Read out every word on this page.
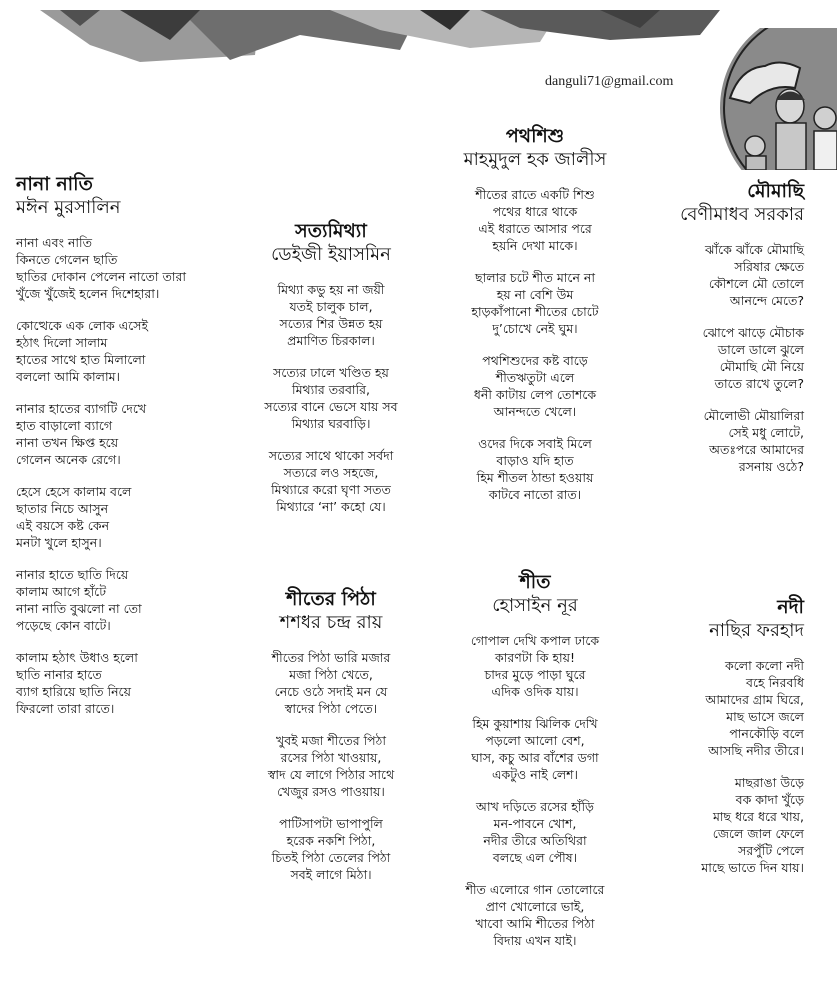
danguli71@gmail.com
নানা নাতি
মঈন মুরসালিন
নানা এবং নাতি
কিনতে গেলেন ছাতি
ছাতির দোকান পেলেন নাতো তারা
খুঁজে খুঁজেই হলেন দিশেহারা।
কোত্থেকে এক লোক এসেই
হঠাৎ দিলো সালাম
হাতের সাথে হাত মিলালো
বললো আমি কালাম।
নানার হাতের ব্যাগটি দেখে
হাত বাড়ালো ব্যাগে
নানা তখন ক্ষিপ্ত হয়ে
গেলেন অনেক রেগে।
হেসে হেসে কালাম বলে
ছাতার নিচে আসুন
এই বয়সে কষ্ট কেন
মনটা খুলে হাসুন।
নানার হাতে ছাতি দিয়ে
কালাম আগে হাঁটে
নানা নাতি বুঝলো না তো
পড়েছে কোন বাটে।
কালাম হঠাৎ উধাও হলো
ছাতি নানার হাতে
ব্যাগ হারিয়ে ছাতি নিয়ে
ফিরলো তারা রাতে।
সত্যমিথ্যা
ডেইজী ইয়াসমিন
মিথ্যা কভু হয় না জয়ী
যতই চালুক চাল,
সত্যের শির উন্নত হয়
প্রমাণিত চিরকাল।
সত্যের ঢালে খণ্ডিত হয়
মিথ্যার তরবারি,
সত্যের বানে ভেসে যায় সব
মিথ্যার ঘরবাড়ি।
সত্যের সাথে থাকো সর্বদা
সত্যরে লও সহজে,
মিথ্যারে করো ঘৃণা সতত
মিথ্যারে ‘না’ কহো যে।
শীতের পিঠা
শশধর চন্দ্র রায়
শীতের পিঠা ভারি মজার
মজা পিঠা খেতে,
নেচে ওঠে সদাই মন যে
স্বাদের পিঠা পেতে।
খুবই মজা শীতের পিঠা
রসের পিঠা খাওয়ায়,
স্বাদ যে লাগে পিঠার সাথে
খেজুর রসও পাওয়ায়।
পাটিসাপটা ভাপাপুলি
হরেক নকশি পিঠা,
চিতই পিঠা তেলের পিঠা
সবই লাগে মিঠা।
পথশিশু
মাহমুদুল হক জালীস
শীতের রাতে একটি শিশু
পথের ধারে থাকে
এই ধরাতে আসার পরে
হয়নি দেখা মাকে।
ছালার চটে শীত মানে না
হয় না বেশি উম
হাড়কাঁপানো শীতের চোটে
দু’চোখে নেই ঘুম।
পথশিশুদের কষ্ট বাড়ে
শীতঋতুটা এলে
ধনী কাটায় লেপ তোশকে
আনন্দতে খেলে।
ওদের দিকে সবাই মিলে
বাড়াও যদি হাত
হিম শীতল ঠান্ডা হওয়ায়
কাটবে নাতো রাত।
শীত
হোসাইন নূর
গোপাল দেখি কপাল ঢাকে
কারণটা কি হায়!
চাদর মুড়ে পাড়া ঘুরে
এদিক ওদিক যায়।
হিম কুয়াশায় ঝিলিক দেখি
পড়লো আলো বেশ,
ঘাস, কচু আর বাঁশের ডগা
একটুও নাই লেশ।
আখ দড়িতে রসের হাঁড়ি
মন-পাবনে খোশ,
নদীর তীরে অতিথিরা
বলছে এল পৌষ।
শীত এলোরে গান তোলোরে
প্রাণ খোলোরে ভাই,
খাবো আমি শীতের পিঠা
বিদায় এখন যাই।
মৌমাছি
বেণীমাধব সরকার
ঝাঁকে ঝাঁকে মৌমাছি
সরিষার ক্ষেতে
কৌশলে মৌ তোলে
আনন্দে মেতে?
ঝোপে ঝাড়ে মৌচাক
ডালে ডালে ঝুলে
মৌমাছি মৌ নিয়ে
তাতে রাখে তুলে?
মৌলোভী মৌয়ালিরা
সেই মধু লোটে,
অতঃপরে আমাদের
রসনায় ওঠে?
নদী
নাছির ফরহাদ
কলো কলো নদী
বহে নিরবধি
আমাদের গ্রাম ঘিরে,
মাছ ভাসে জলে
পানকৌড়ি বলে
আসছি নদীর তীরে।
মাছরাঙা উড়ে
বক কাদা খুঁড়ে
মাছ ধরে ধরে খায়,
জেলে জাল ফেলে
সরপুঁটি পেলে
মাছে ভাতে দিন যায়।
